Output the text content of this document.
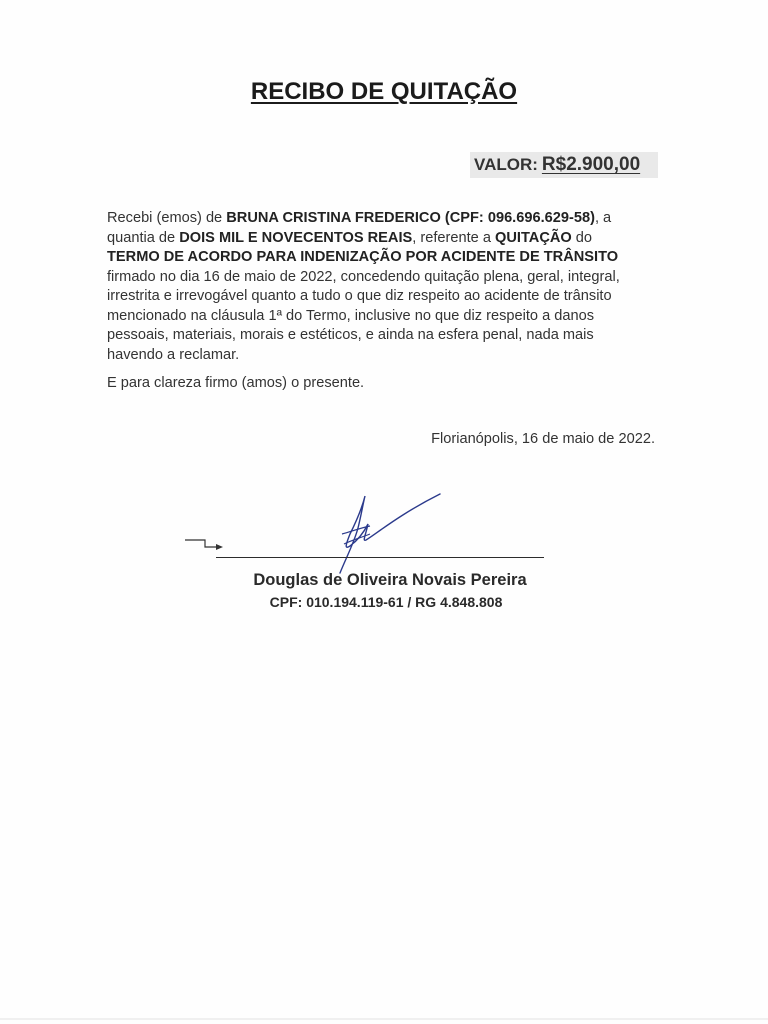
RECIBO DE QUITAÇÃO
VALOR: R$2.900,00

Recebi (emos) de BRUNA CRISTINA FREDERICO (CPF: 096.696.629-58), a
quantia de DOIS MIL E NOVECENTOS REAIS, referente a QUITAÇÃO do
TERMO DE ACORDO PARA INDENIZAÇÃO POR ACIDENTE DE TRÂNSITO
firmado no dia 16 de maio de 2022, concedendo quitação plena, geral, integral,
irrestrita e irrevogável quanto a tudo o que diz respeito ao acidente de trânsito
mencionado na cláusula 1ª do Termo, inclusive no que diz respeito a danos
pessoais, materiais, morais e estéticos, e ainda na esfera penal, nada mais
havendo a reclamar.

E para clareza firmo (amos) o presente.
Florianópolis, 16 de maio de 2022.
Douglas de Oliveira Novais Pereira
CPF: 010.194.119-61 / RG 4.848.808
